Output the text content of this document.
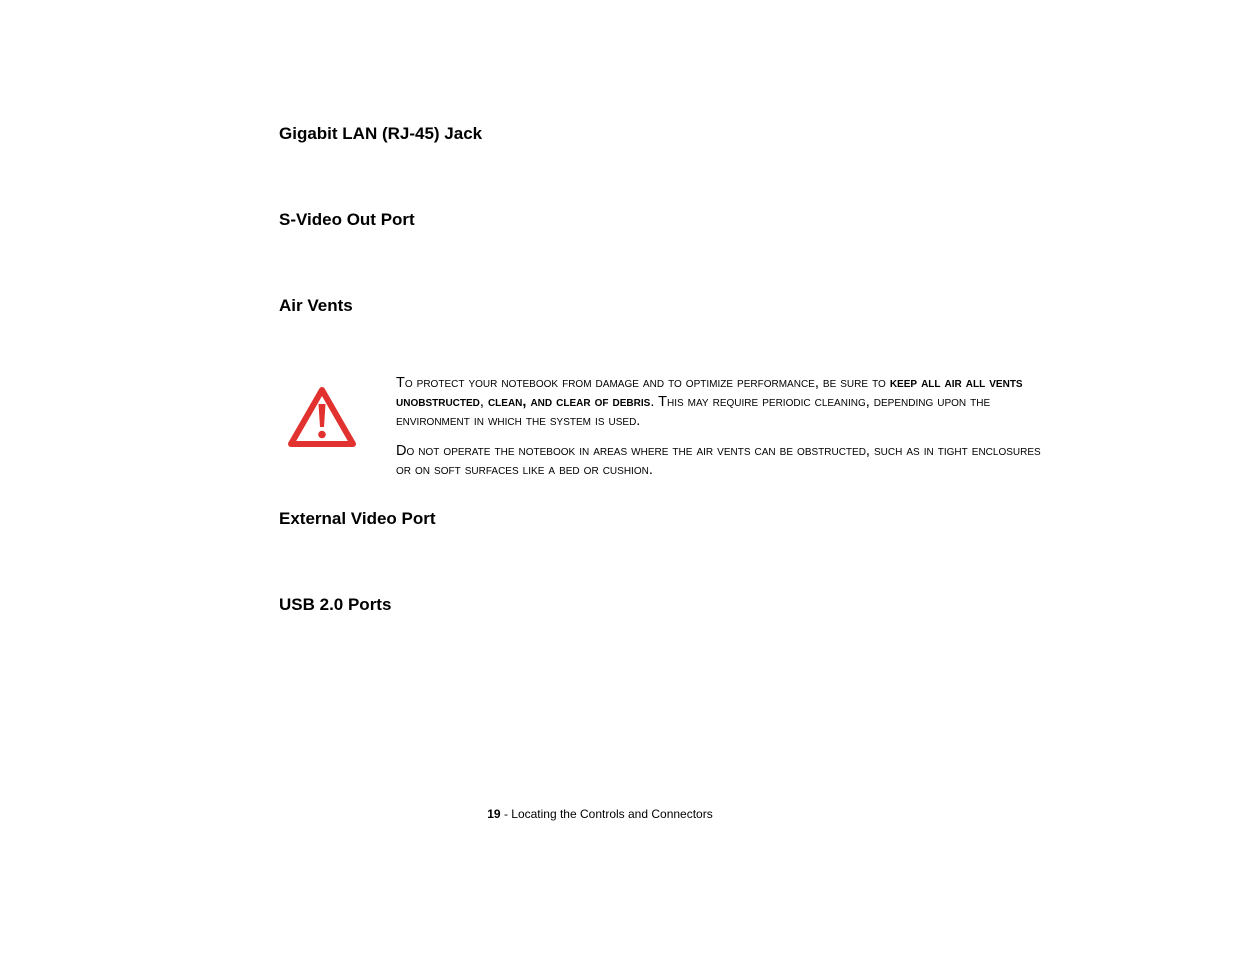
Gigabit LAN (RJ-45) Jack
S-Video Out Port
Air Vents

To protect your notebook from damage and to optimize performance, be sure to keep all air all vents unobstructed, clean, and clear of debris. This may require periodic cleaning, depending upon the environment in which the system is used.

Do not operate the notebook in areas where the air vents can be obstructed, such as in tight enclosures or on soft surfaces like a bed or cushion.

External Video Port
USB 2.0 Ports
19 - Locating the Controls and Connectors
